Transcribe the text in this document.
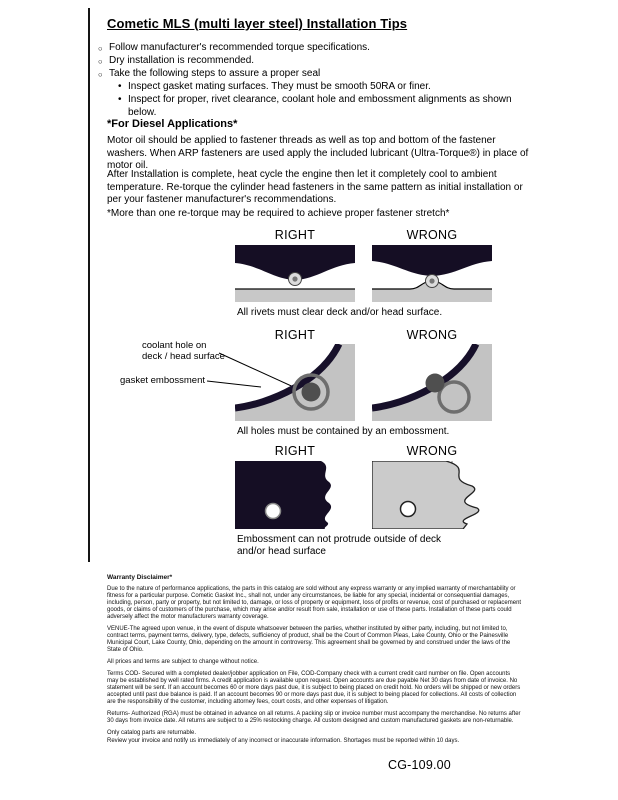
Cometic MLS (multi layer steel) Installation Tips
○ Follow manufacturer's recommended torque specifications.
○ Dry installation is recommended.
○ Take the following steps to assure a proper seal
• Inspect gasket mating surfaces. They must be smooth 50RA or finer.
• Inspect for proper, rivet clearance, coolant hole and embossment alignments as shown below.
*For Diesel Applications*
Motor oil should be applied to fastener threads as well as top and bottom of the fastener washers. When ARP fasteners are used apply the included lubricant (Ultra-Torque®) in place of motor oil.
After Installation is complete, heat cycle the engine then let it completely cool to ambient temperature. Re-torque the cylinder head fasteners in the same pattern as initial installation or per your fastener manufacturer's recommendations.
*More than one re-torque may be required to achieve proper fastener stretch*
RIGHT	WRONG
All rivets must clear deck and/or head surface.
RIGHT	WRONG
coolant hole on
deck / head surface
gasket embossment
All holes must be contained by an embossment.
RIGHT	WRONG
Embossment can not protrude outside of deck
and/or head surface
Warranty Disclaimer*

Due to the nature of performance applications, the parts in this catalog are sold without any express warranty or any implied warranty of merchantability or fitness for a particular purpose. Cometic Gasket Inc., shall not, under any circumstances, be liable for any special, incidental or consequential damages, including, person, party or property, but not limited to, damage, or loss of property or equipment, loss of profits or revenue, cost of purchased or replacement goods, or claims of customers of the purchase, which may arise and/or result from sale, installation or use of these parts. Installation of these parts could adversely affect the motor manufacturers warranty coverage.

VENUE-The agreed upon venue, in the event of dispute whatsoever between the parties, whether instituted by either party, including, but not limited to, contract terms, payment terms, delivery, type, defects, sufficiency of product, shall be the Court of Common Pleas, Lake County, Ohio or the Painesville Municipal Court, Lake County, Ohio, depending on the amount in controversy. This agreement shall be governed by and construed under the laws of the State of Ohio.

All prices and terms are subject to change without notice.

Terms COD- Secured with a completed dealer/jobber application on File, COD-Company check with a current credit card number on file. Open accounts may be established by well rated firms. A credit application is available upon request. Open accounts are due payable Net 30 days from date of invoice. No statement will be sent. If an account becomes 60 or more days past due, it is subject to being placed on credit hold. No orders will be shipped or new orders accepted until past due balance is paid. If an account becomes 90 or more days past due, it is subject to being placed for collections. All costs of collection are the responsibility of the customer, including attorney fees, court costs, and other expenses of litigation.

Returns- Authorized (RGA) must be obtained in advance on all returns. A packing slip or invoice number must accompany the merchandise. No returns after 30 days from invoice date. All returns are subject to a 25% restocking charge. All custom designed and custom manufactured gaskets are non-returnable.

Only catalog parts are returnable.

Review your invoice and notify us immediately of any incorrect or inaccurate information. Shortages must be reported within 10 days.

CG-109.00
